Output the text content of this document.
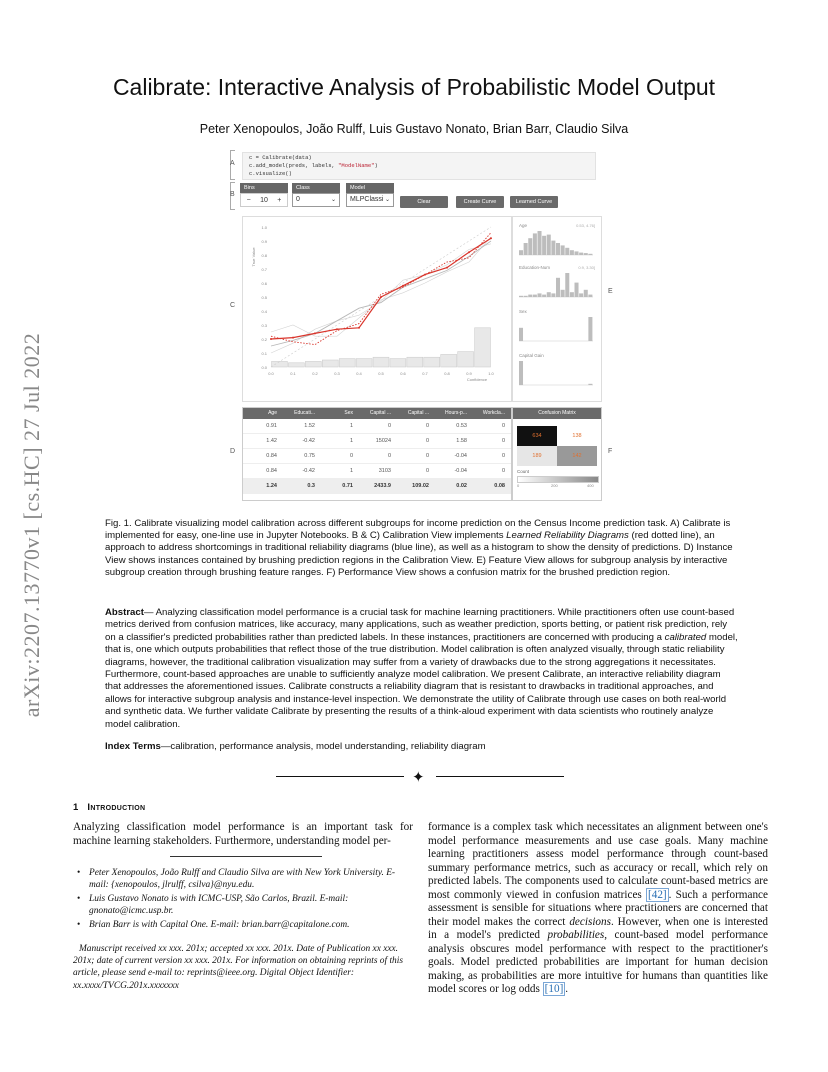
arXiv:2207.13770v1 [cs.HC] 27 Jul 2022
Calibrate: Interactive Analysis of Probabilistic Model Output
Peter Xenopoulos, João Rulff, Luis Gustavo Nonato, Brian Barr, Claudio Silva
A
B
C
D
E
F
c = Calibrate(data)
c.add_model(preds, labels, "ModelName")
c.visualize()
Bins
−	10	+
Class
0	⌄
Model
MLPClassi ⌄	Clear	Create Curve	Learned Curve
1.0
0.9
0.8
0.7
0.6
0.5
0.4
0.3
0.2
0.1
0.0
0.0	0.1	0.2	0.3	0.4	0.5	0.6	0.7	0.8	0.9	1.0
True Value
Confidence
Age	0.53, 4.76]
Education-Num	0.9, 3.30]
Sex
Capital Gain
Age	Educati...	Sex	Capital ...	Capital ...	Hours-p...	Workcla...
0.91	1.52	1	0	0	0.53	0
1.42	-0.42	1	15024	0	1.58	0
0.84	0.75	0	0	0	-0.04	0
0.84	-0.42	1	3103	0	-0.04	0
1.24	0.3	0.71	2433.9	109.02	0.02	0.08
Confusion Matrix
634	138
189	142
Count
0	200	400

Fig. 1. Calibrate visualizing model calibration across different subgroups for income prediction on the Census Income prediction task. A) Calibrate is implemented for easy, one-line use in Jupyter Notebooks. B & C) Calibration View implements Learned Reliability Diagrams (red dotted line), an approach to address shortcomings in traditional reliability diagrams (blue line), as well as a histogram to show the density of predictions. D) Instance View shows instances contained by brushing prediction regions in the Calibration View. E) Feature View allows for subgroup analysis by interactive subgroup creation through brushing feature ranges. F) Performance View shows a confusion matrix for the brushed prediction region.

Abstract— Analyzing classification model performance is a crucial task for machine learning practitioners. While practitioners often use count-based metrics derived from confusion matrices, like accuracy, many applications, such as weather prediction, sports betting, or patient risk prediction, rely on a classifier's predicted probabilities rather than predicted labels. In these instances, practitioners are concerned with producing a calibrated model, that is, one which outputs probabilities that reflect those of the true distribution. Model calibration is often analyzed visually, through static reliability diagrams, however, the traditional calibration visualization may suffer from a variety of drawbacks due to the strong aggregations it necessitates. Furthermore, count-based approaches are unable to sufficiently analyze model calibration. We present Calibrate, an interactive reliability diagram that addresses the aforementioned issues. Calibrate constructs a reliability diagram that is resistant to drawbacks in traditional approaches, and allows for interactive subgroup analysis and instance-level inspection. We demonstrate the utility of Calibrate through use cases on both real-world and synthetic data. We further validate Calibrate by presenting the results of a think-aloud experiment with data scientists who routinely analyze model calibration.

Index Terms—calibration, performance analysis, model understanding, reliability diagram

✦
1 Introduction

Analyzing classification model performance is an important task for machine learning stakeholders. Furthermore, understanding model per-

• Peter Xenopoulos, João Rulff and Claudio Silva are with New York University. E-mail: {xenopoulos, jlrulff, csilva}@nyu.edu.
• Luis Gustavo Nonato is with ICMC-USP, São Carlos, Brazil. E-mail: gnonato@icmc.usp.br.
• Brian Barr is with Capital One. E-mail: brian.barr@capitalone.com.

Manuscript received xx xxx. 201x; accepted xx xxx. 201x. Date of Publication xx xxx. 201x; date of current version xx xxx. 201x. For information on obtaining reprints of this article, please send e-mail to: reprints@ieee.org. Digital Object Identifier: xx.xxxx/TVCG.201x.xxxxxxx

formance is a complex task which necessitates an alignment between one's model performance measurements and use case goals. Many machine learning practitioners assess model performance through count-based summary performance metrics, such as accuracy or recall, which rely on predicted labels. The components used to calculate count-based metrics are most commonly viewed in confusion matrices [42] . Such a performance assessment is sensible for situations where practitioners are concerned that their model makes the correct decisions. However, when one is interested in a model's predicted probabilities, count-based model performance analysis obscures model performance with respect to the practitioner's goals. Model predicted probabilities are important for human decision making, as probabilities are more intuitive for humans than quantities like model scores or log odds [10] .
